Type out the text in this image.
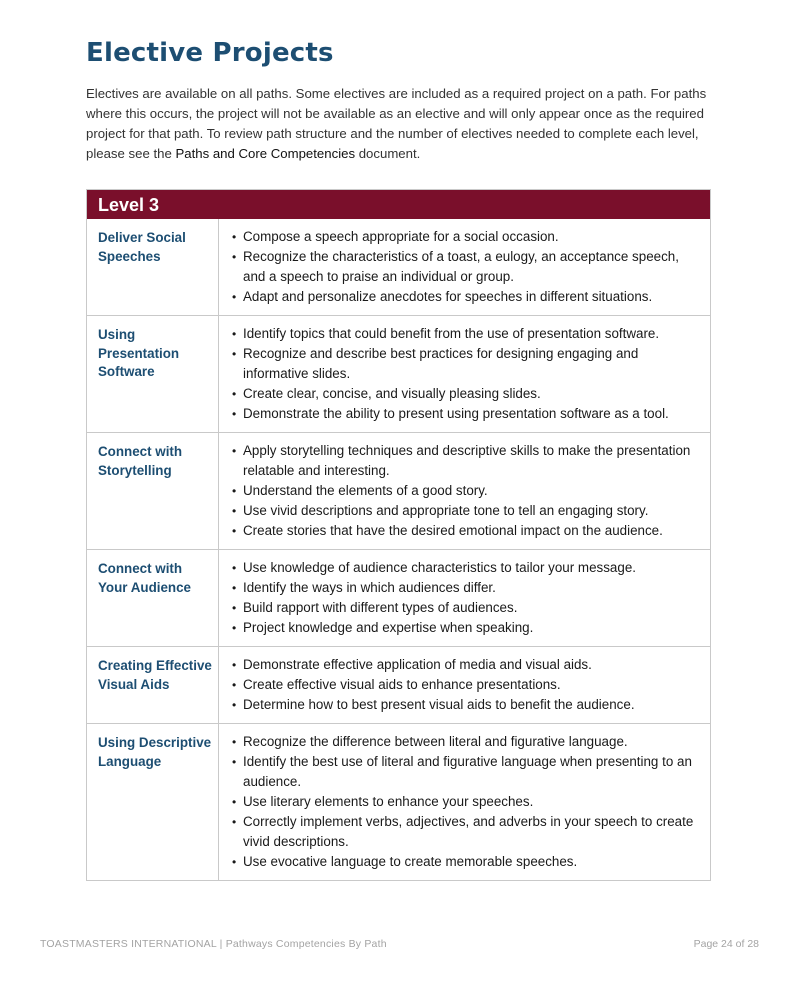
Elective Projects
Electives are available on all paths. Some electives are included as a required project on a path. For paths where this occurs, the project will not be available as an elective and will only appear once as the required project for that path. To review path structure and the number of electives needed to complete each level, please see the Paths and Core Competencies document.
Level 3
Deliver Social Speeches
• Compose a speech appropriate for a social occasion.
• Recognize the characteristics of a toast, a eulogy, an acceptance speech, and a speech to praise an individual or group.
• Adapt and personalize anecdotes for speeches in different situations.
Using Presentation Software
• Identify topics that could benefit from the use of presentation software.
• Recognize and describe best practices for designing engaging and informative slides.
• Create clear, concise, and visually pleasing slides.
• Demonstrate the ability to present using presentation software as a tool.
Connect with Storytelling
• Apply storytelling techniques and descriptive skills to make the presentation relatable and interesting.
• Understand the elements of a good story.
• Use vivid descriptions and appropriate tone to tell an engaging story.
• Create stories that have the desired emotional impact on the audience.
Connect with Your Audience
• Use knowledge of audience characteristics to tailor your message.
• Identify the ways in which audiences differ.
• Build rapport with different types of audiences.
• Project knowledge and expertise when speaking.
Creating Effective Visual Aids
• Demonstrate effective application of media and visual aids.
• Create effective visual aids to enhance presentations.
• Determine how to best present visual aids to benefit the audience.
Using Descriptive Language
• Recognize the difference between literal and figurative language.
• Identify the best use of literal and figurative language when presenting to an audience.
• Use literary elements to enhance your speeches.
• Correctly implement verbs, adjectives, and adverbs in your speech to create vivid descriptions.
• Use evocative language to create memorable speeches.
TOASTMASTERS INTERNATIONAL | Pathways Competencies By Path	Page 24 of 28
